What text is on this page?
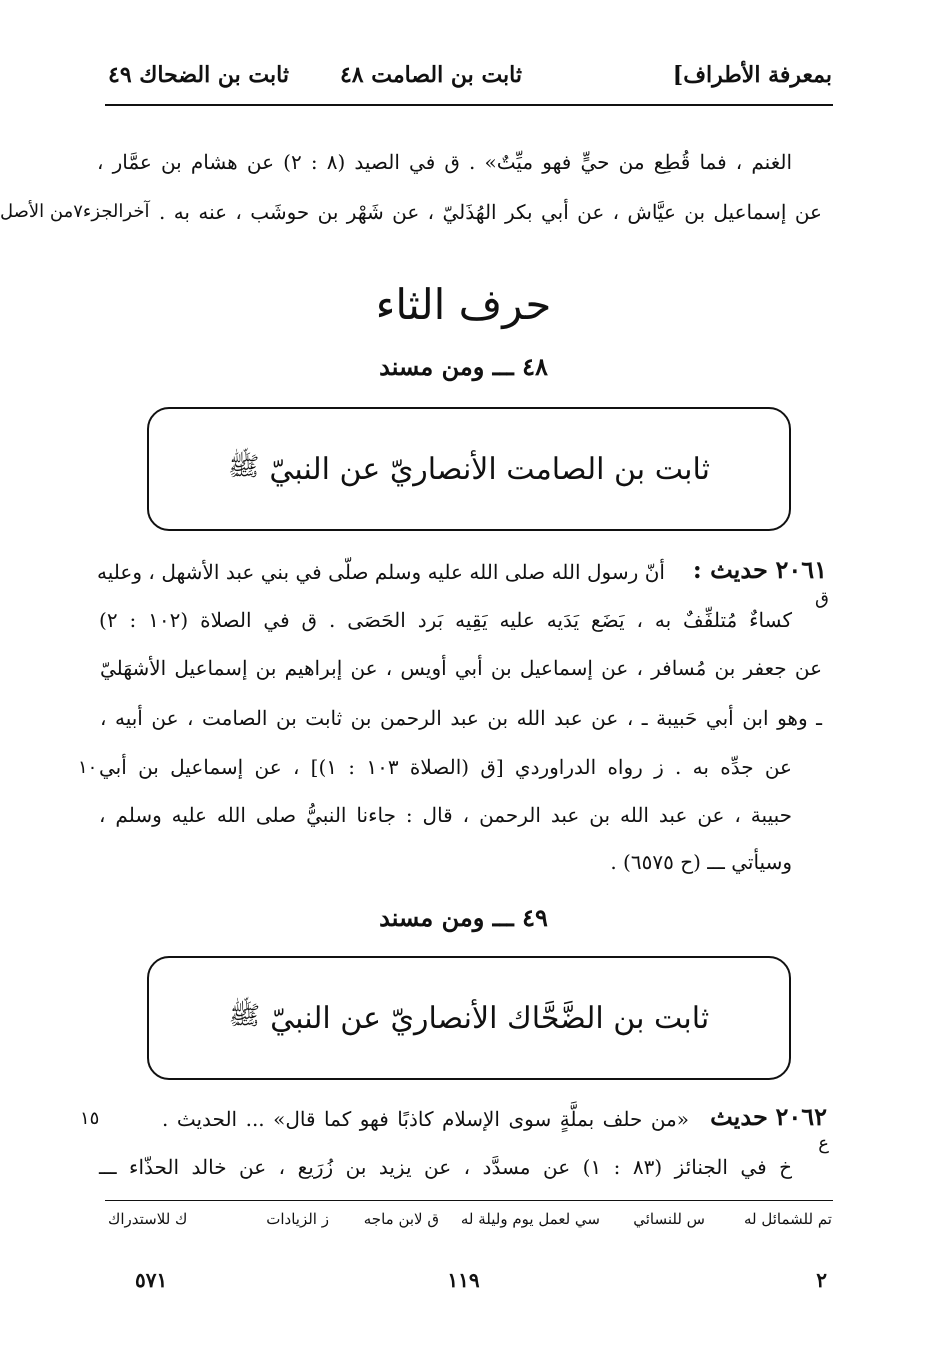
بمعرفة الأطراف]
ثابت بن الصامت ٤٨
ثابت بن الضحاك ٤٩
الغنم ، فما قُطِع من حيٍّ فهو ميِّتٌ» . ق في الصيد (٨ : ٢) عن هشام بن عمَّار ،
عن إسماعيل بن عيَّاش ، عن أبي بكر الهُذَليّ ، عن شَهْر بن حوشَب ، عنه به .
آخرالجزء٧من الأصل
حرف الثاء
٤٨ ـــ ومن مسند
ثابت بن الصامت الأنصاريّ عن النبيّ
ﷺ
٢٠٦١ حديث :
أنّ رسول الله صلى الله عليه وسلم صلّى في بني عبد الأشهل ، وعليه
ق
كساءٌ مُتلفِّفٌ به ، يَضَع يَدَيه عليه يَقِيه بَرد الحَصَى . ق في الصلاة (١٠٢ : ٢)
عن جعفر بن مُسافر ، عن إسماعيل بن أبي أويس ، عن إبراهيم بن إسماعيل الأشهَليّ
ـ وهو ابن أبي حَبيبة ـ ، عن عبد الله بن عبد الرحمن بن ثابت بن الصامت ، عن أبيه ،
عن جدِّه به . ز رواه الدراوردي [ق (الصلاة ١٠٣ : ١)] ، عن إسماعيل بن أبي
١٠
حبيبة ، عن عبد الله بن عبد الرحمن ، قال : جاءنا النبيُّ صلى الله عليه وسلم ،
وسيأتي ـــ (ح ٦٥٧٥) .
٤٩ ـــ ومن مسند
ثابت بن الضَّحَّاك الأنصاريّ عن النبيّ
ﷺ
٢٠٦٢ حديث
«من حلف بملَّةٍ سوى الإسلام كاذبًا فهو كما قال» ... الحديث .
١٥
ع
خ في الجنائز (٨٣ : ١) عن مسدَّد ، عن يزيد بن زُرَيع ، عن خالد الحذّاء ـــ
تم للشمائل له
س للنسائي
سي لعمل يوم وليلة له
ق لابن ماجه
ز الزيادات
ك للاستدراك
٢
١١٩
٥٧١
